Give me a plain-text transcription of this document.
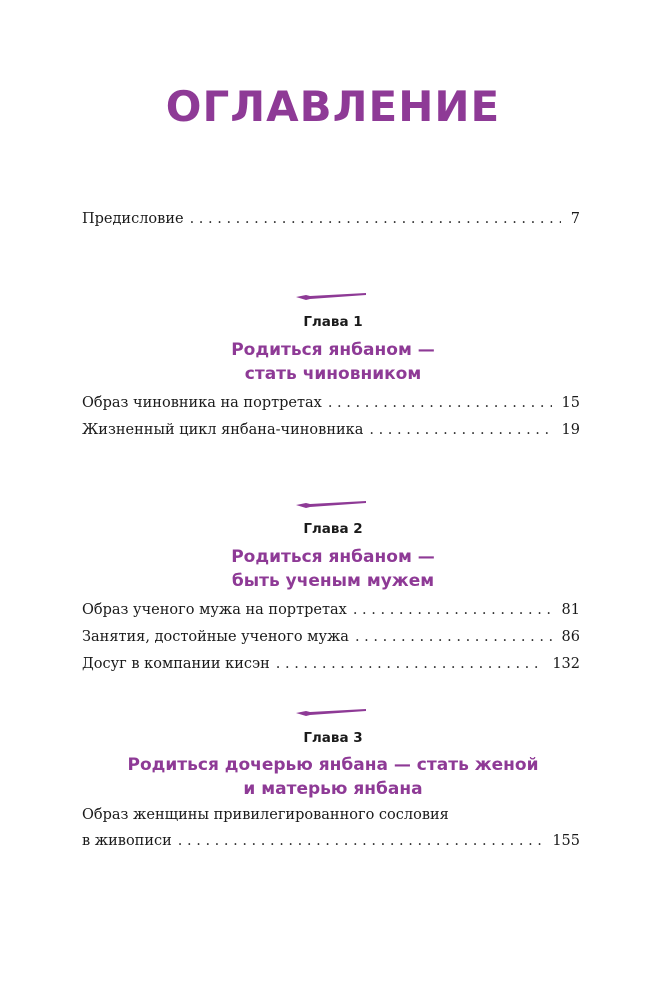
ОГЛАВЛЕНИЕ
Предисловие . . .	7
Глава 1
Родиться янбаном —
стать чиновником
Образ чиновника на портретах . . .	15
Жизненный цикл янбана-чиновника . . .	19
Глава 2
Родиться янбаном —
быть ученым мужем
Образ ученого мужа на портретах . . .	81
Занятия, достойные ученого мужа . . .	86
Досуг в компании кисэн . . .	132
Глава 3
Родиться дочерью янбана — стать женой
и матерью янбана
Образ женщины привилегированного сословия
в живописи . . .	155
